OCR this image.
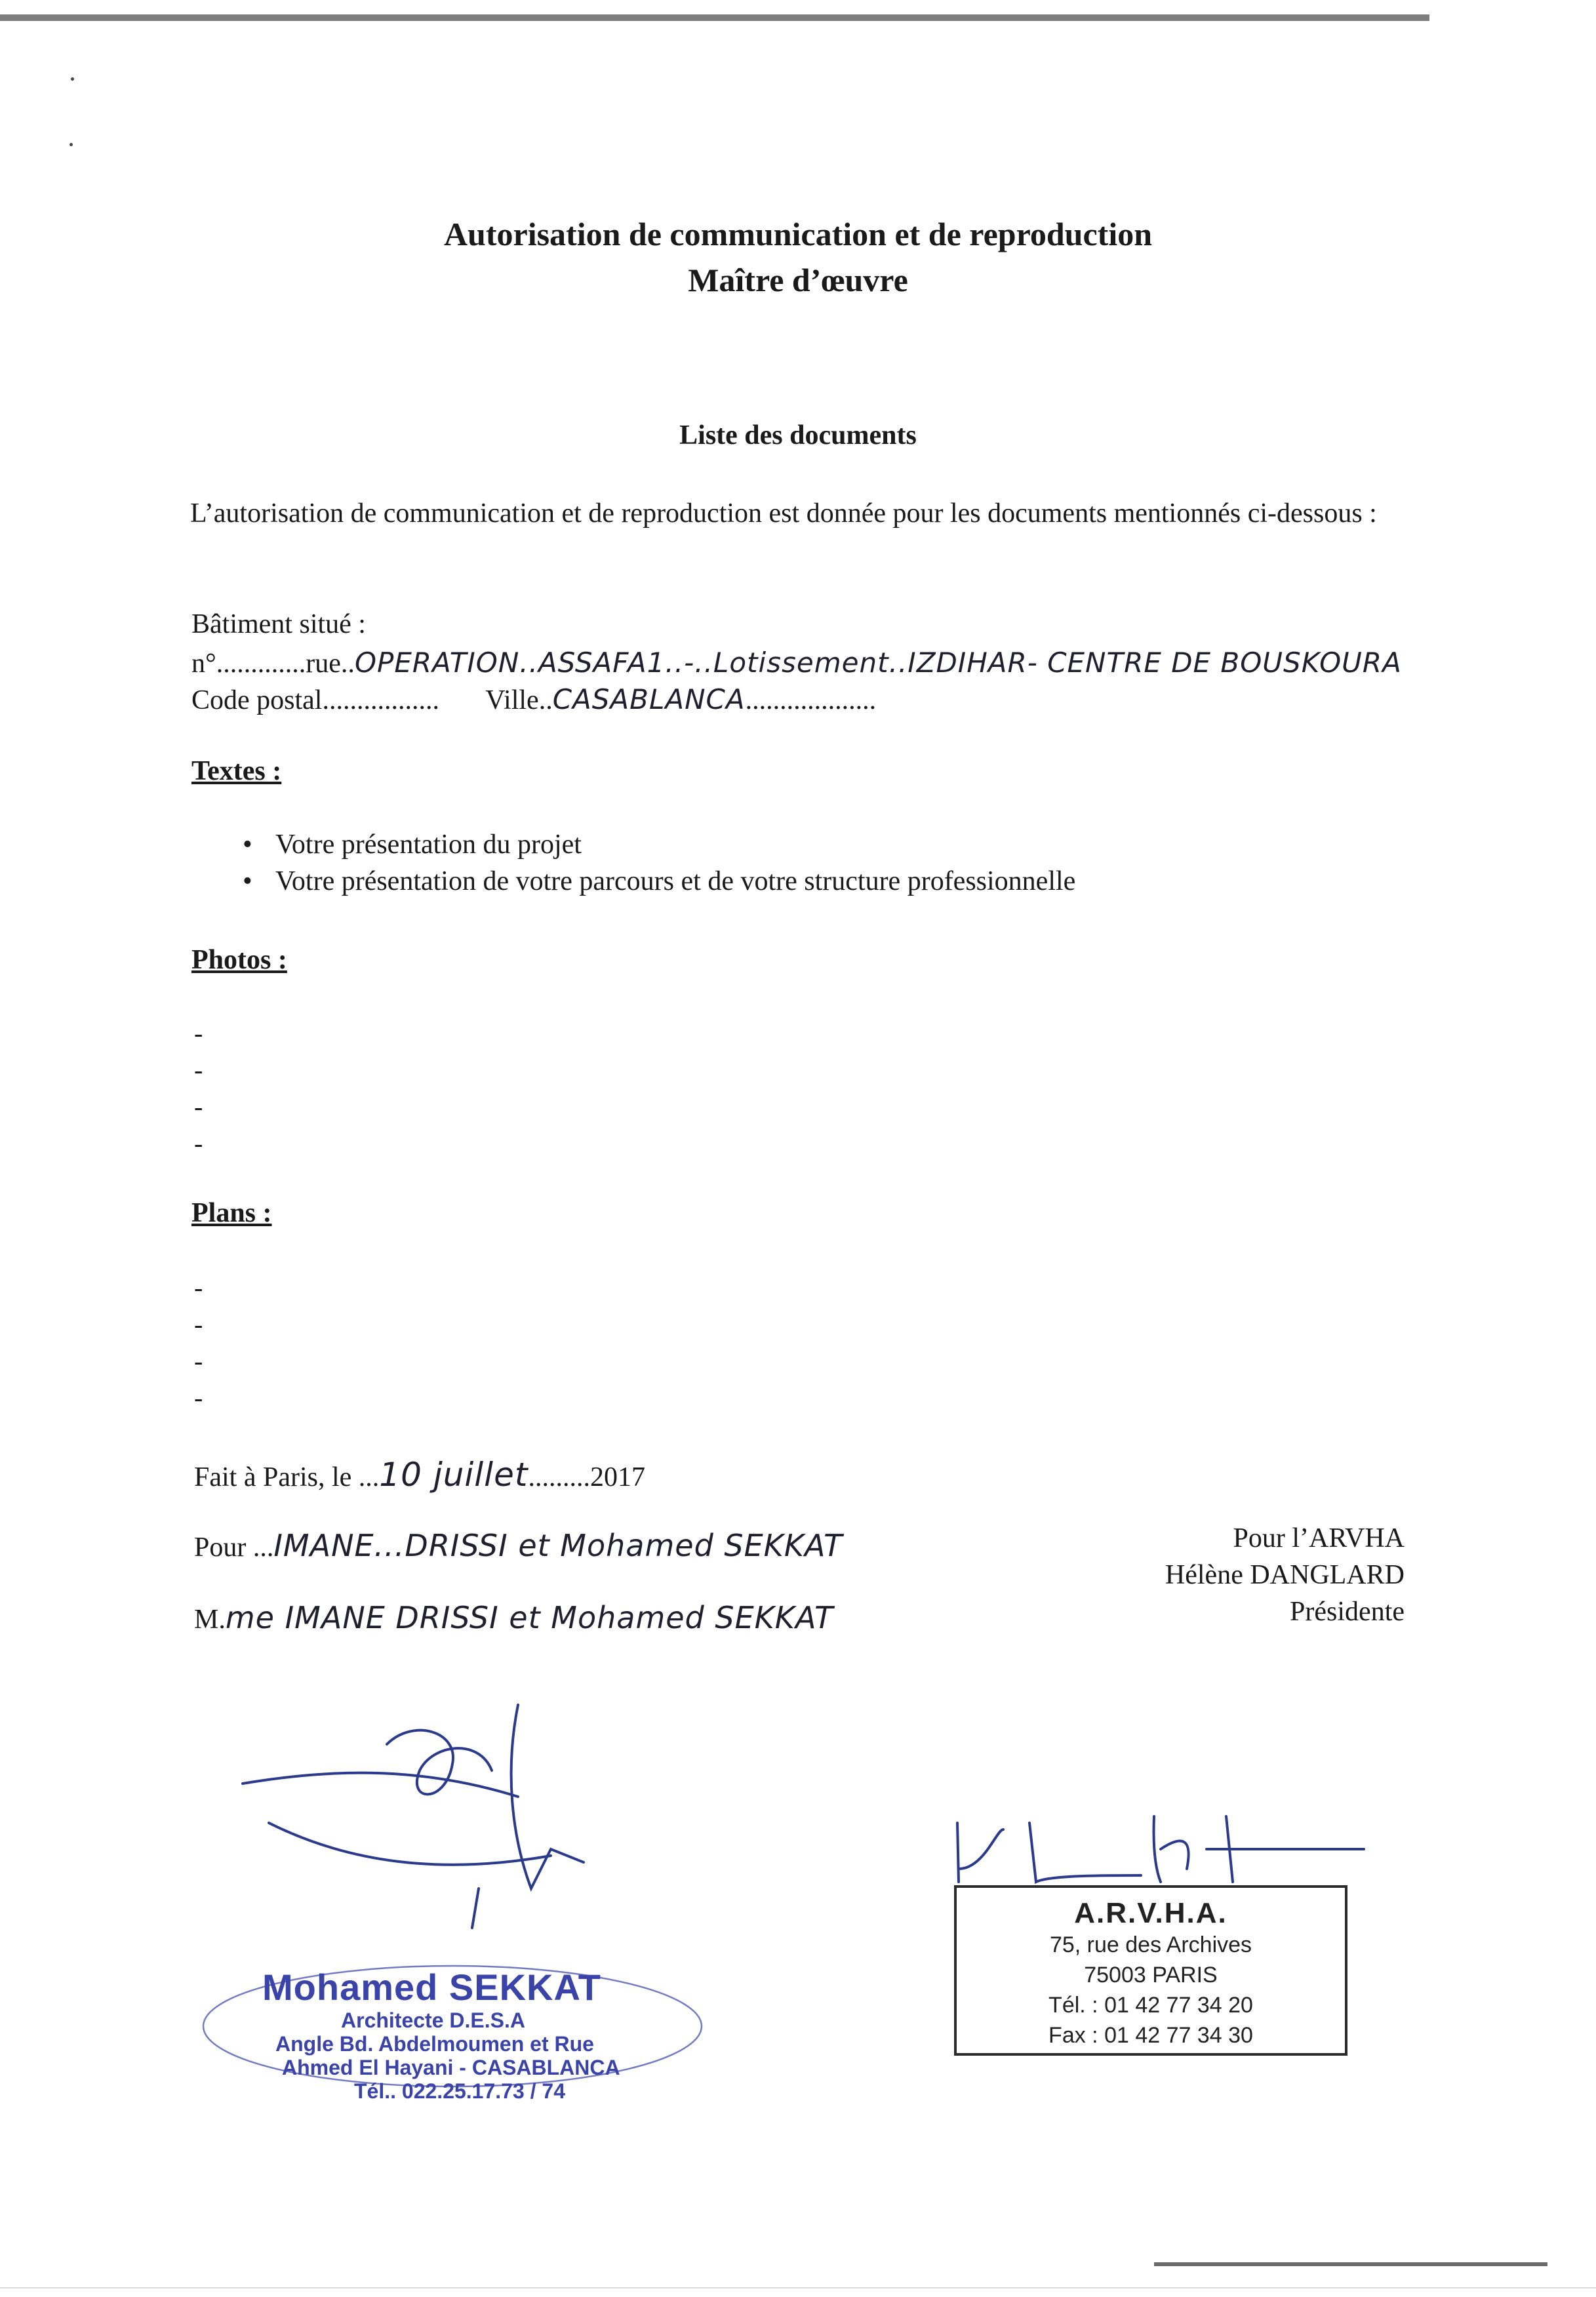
Autorisation de communication et de reproduction
Maître d’œuvre
Liste des documents
L’autorisation de communication et de reproduction est donnée pour les documents mentionnés ci-dessous :
Bâtiment situé :
n°.............rue..OPERATION..ASSAFA1..-..Lotissement..IZDIHAR- CENTRE DE BOUSKOURA
Code postal................. Ville..CASABLANCA...................
Textes :
• Votre présentation du projet
• Votre présentation de votre parcours et de votre structure professionnelle
Photos :
-
-
-
-
Plans :
-
-
-
-
Fait à Paris, le ...10 juillet.........2017
Pour ...IMANE...DRISSI et Mohamed SEKKAT
M.me IMANE DRISSI et Mohamed SEKKAT
Pour l’ARVHA
Hélène DANGLARD
Présidente
Mohamed SEKKAT
Architecte D.E.S.A
Angle Bd. Abdelmoumen et Rue
Ahmed El Hayani - CASABLANCA
Tél.. 022.25.17.73 / 74
A.R.V.H.A.
75, rue des Archives
75003 PARIS
Tél. : 01 42 77 34 20
Fax : 01 42 77 34 30
